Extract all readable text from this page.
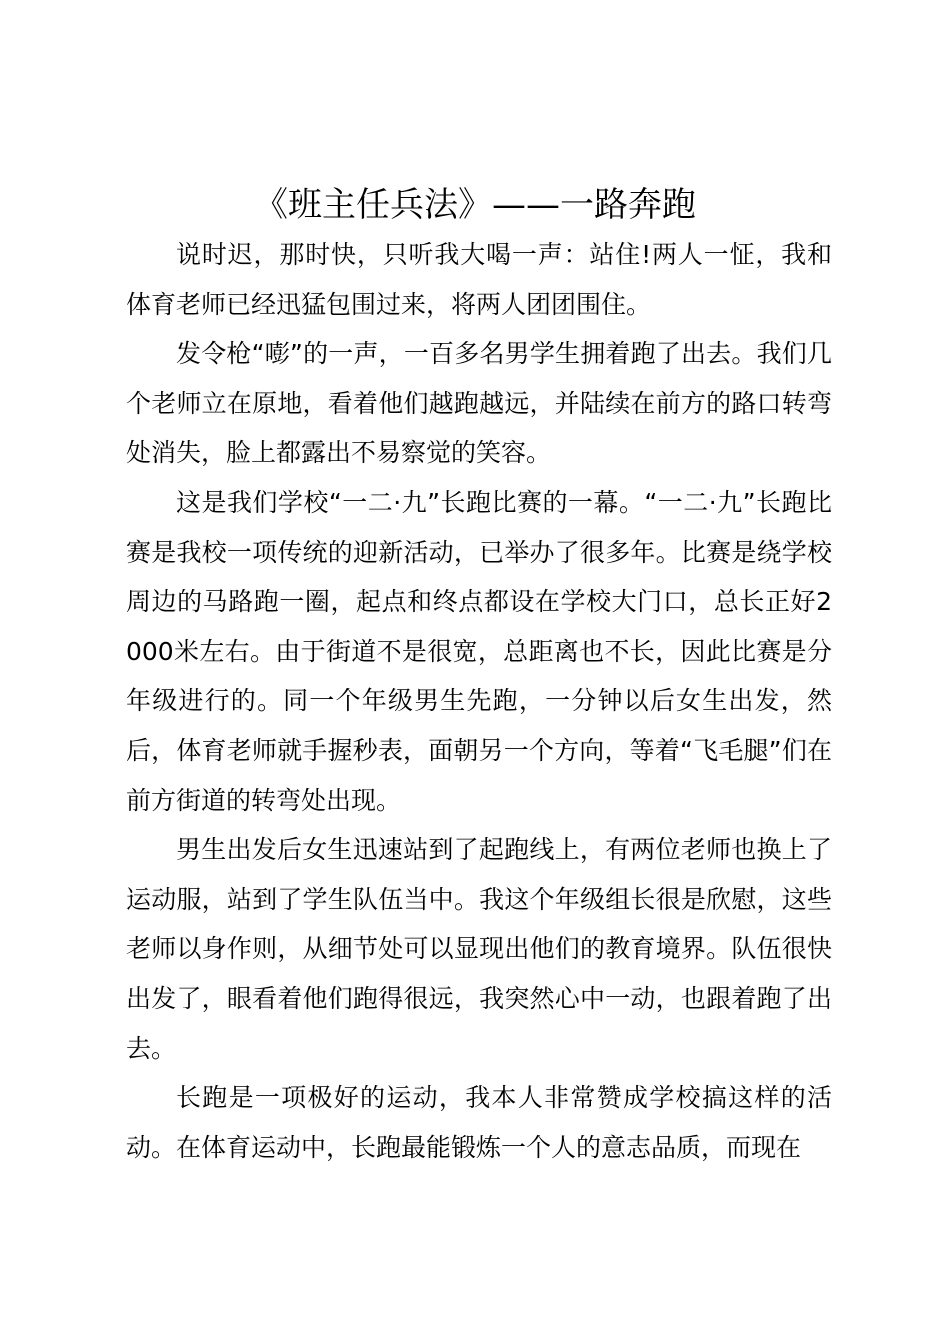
《班主任兵法》——一路奔跑

说时迟，那时快，只听我大喝一声：站住!两人一怔，我和体育老师已经迅猛包围过来，将两人团团围住。

发令枪“嘭”的一声，一百多名男学生拥着跑了出去。我们几个老师立在原地，看着他们越跑越远，并陆续在前方的路口转弯处消失，脸上都露出不易察觉的笑容。

这是我们学校“一二·九”长跑比赛的一幕。“一二·九”长跑比赛是我校一项传统的迎新活动，已举办了很多年。比赛是绕学校周边的马路跑一圈，起点和终点都设在学校大门口，总长正好2000米左右。由于街道不是很宽，总距离也不长，因此比赛是分年级进行的。同一个年级男生先跑，一分钟以后女生出发，然后，体育老师就手握秒表，面朝另一个方向，等着“飞毛腿”们在前方街道的转弯处出现。

男生出发后女生迅速站到了起跑线上，有两位老师也换上了运动服，站到了学生队伍当中。我这个年级组长很是欣慰，这些老师以身作则，从细节处可以显现出他们的教育境界。队伍很快出发了，眼看着他们跑得很远，我突然心中一动，也跟着跑了出去。

长跑是一项极好的运动，我本人非常赞成学校搞这样的活动。在体育运动中，长跑最能锻炼一个人的意志品质，而现在
